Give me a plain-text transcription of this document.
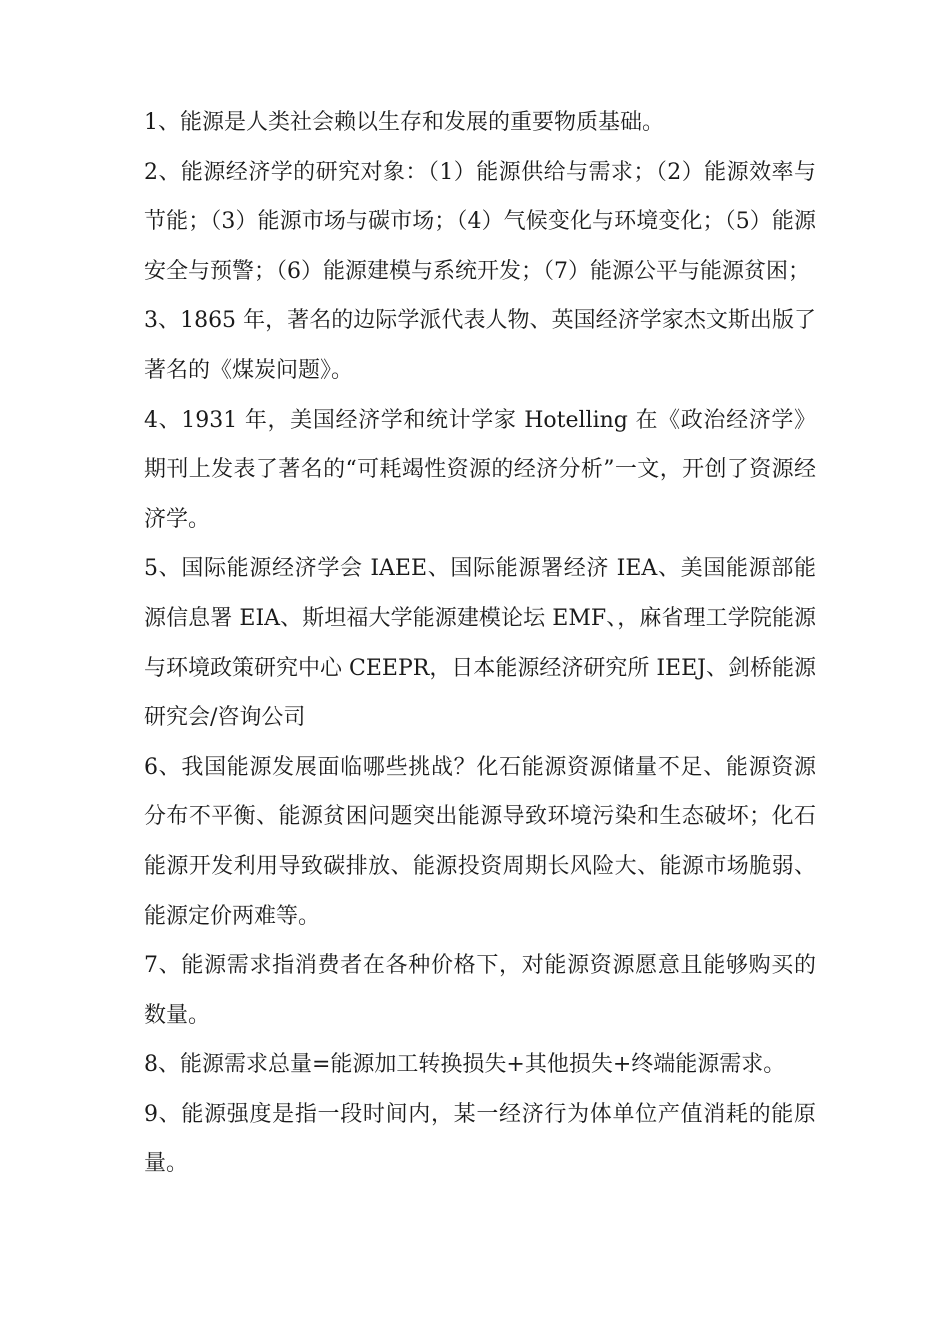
1、能源是人类社会赖以生存和发展的重要物质基础。

2、能源经济学的研究对象：（1）能源供给与需求；（2）能源效率与节能；（3）能源市场与碳市场；（4）气候变化与环境变化；（5）能源安全与预警；（6）能源建模与系统开发；（7）能源公平与能源贫困；

3、1865 年，著名的边际学派代表人物、英国经济学家杰文斯出版了著名的《煤炭问题》。

4、1931 年，美国经济学和统计学家 Hotelling 在《政治经济学》期刊上发表了著名的“可耗竭性资源的经济分析”一文，开创了资源经济学。

5、国际能源经济学会 IAEE、国际能源署经济 IEA、美国能源部能源信息署 EIA、斯坦福大学能源建模论坛 EMF、，麻省理工学院能源与环境政策研究中心 CEEPR，日本能源经济研究所 IEEJ、剑桥能源研究会/咨询公司

6、我国能源发展面临哪些挑战？化石能源资源储量不足、能源资源分布不平衡、能源贫困问题突出能源导致环境污染和生态破坏；化石能源开发利用导致碳排放、能源投资周期长风险大、能源市场脆弱、能源定价两难等。

7、能源需求指消费者在各种价格下，对能源资源愿意且能够购买的数量。

8、能源需求总量=能源加工转换损失+其他损失+终端能源需求。

9、能源强度是指一段时间内，某一经济行为体单位产值消耗的能原量。
